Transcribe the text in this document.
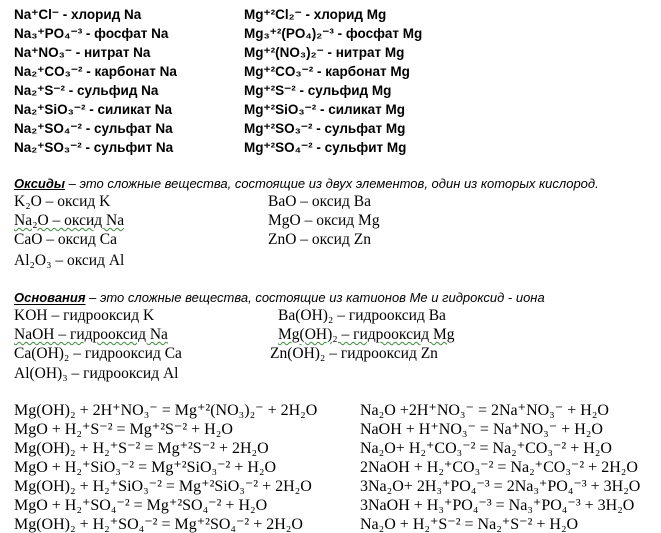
Na⁺Cl⁻ - хлорид Na
Na₃⁺PO₄⁻³ - фосфат Na
Na⁺NO₃⁻ - нитрат Na
Na₂⁺CO₃⁻² - карбонат Na
Na₂⁺S⁻² - сульфид Na
Na₂⁺SiO₃⁻² - силикат Na
Na₂⁺SO₄⁻² - сульфат Na
Na₂⁺SO₃⁻² - сульфит Na
Mg⁺²Cl₂⁻ - хлорид Mg
Mg₃⁺²(PO₄)₂⁻³ - фосфат Mg
Mg⁺²(NO₃)₂⁻ - нитрат Mg
Mg⁺²CO₃⁻² - карбонат Mg
Mg⁺²S⁻² - сульфид Mg
Mg⁺²SiO₃⁻² - силикат Mg
Mg⁺²SO₃⁻² - сульфат Mg
Mg⁺²SO₄⁻² - сульфит Mg
Оксиды – это сложные вещества, состоящие из двух элементов, один из которых кислород.
K₂O – оксид K
Na₂O – оксид Na
CaO – оксид Ca
Al₂O₃ – оксид Al
BaO – оксид Ba
MgO – оксид Mg
ZnO – оксид Zn
Основания – это сложные вещества, состоящие из катионов Me и гидроксид - иона
KOH – гидрооксид K
NaOH – гидрооксид Na
Ca(OH)₂ – гидрооксид Ca
Al(OH)₃ – гидрооксид Al
Ba(OH)₂ – гидрооксид Ba
Mg(OH)₂ – гидрооксид Mg
Zn(OH)₂ – гидрооксид Zn
Mg(OH)₂ + 2H⁺NO₃⁻ = Mg⁺²(NO₃)₂⁻ + 2H₂O
MgO + H₂⁺S⁻² = Mg⁺²S⁻² + H₂O
Mg(OH)₂ + H₂⁺S⁻² = Mg⁺²S⁻² + 2H₂O
MgO + H₂⁺SiO₃⁻² = Mg⁺²SiO₃⁻² + H₂O
Mg(OH)₂ + H₂⁺SiO₃⁻² = Mg⁺²SiO₃⁻² + 2H₂O
MgO + H₂⁺SO₄⁻² = Mg⁺²SO₄⁻² + H₂O
Mg(OH)₂ + H₂⁺SO₄⁻² = Mg⁺²SO₄⁻² + 2H₂O
Na₂O +2H⁺NO₃⁻ = 2Na⁺NO₃⁻ + H₂O
NaOH + H⁺NO₃⁻ = Na⁺NO₃⁻ + H₂O
Na₂O+ H₂⁺CO₃⁻² = Na₂⁺CO₃⁻² + H₂O
2NaOH + H₂⁺CO₃⁻² = Na₂⁺CO₃⁻² + 2H₂O
3Na₂O+ 2H₃⁺PO₄⁻³ = 2Na₃⁺PO₄⁻³ + 3H₂O
3NaOH + H₃⁺PO₄⁻³ = Na₃⁺PO₄⁻³ + 3H₂O
Na₂O + H₂⁺S⁻² = Na₂⁺S⁻² + H₂O
